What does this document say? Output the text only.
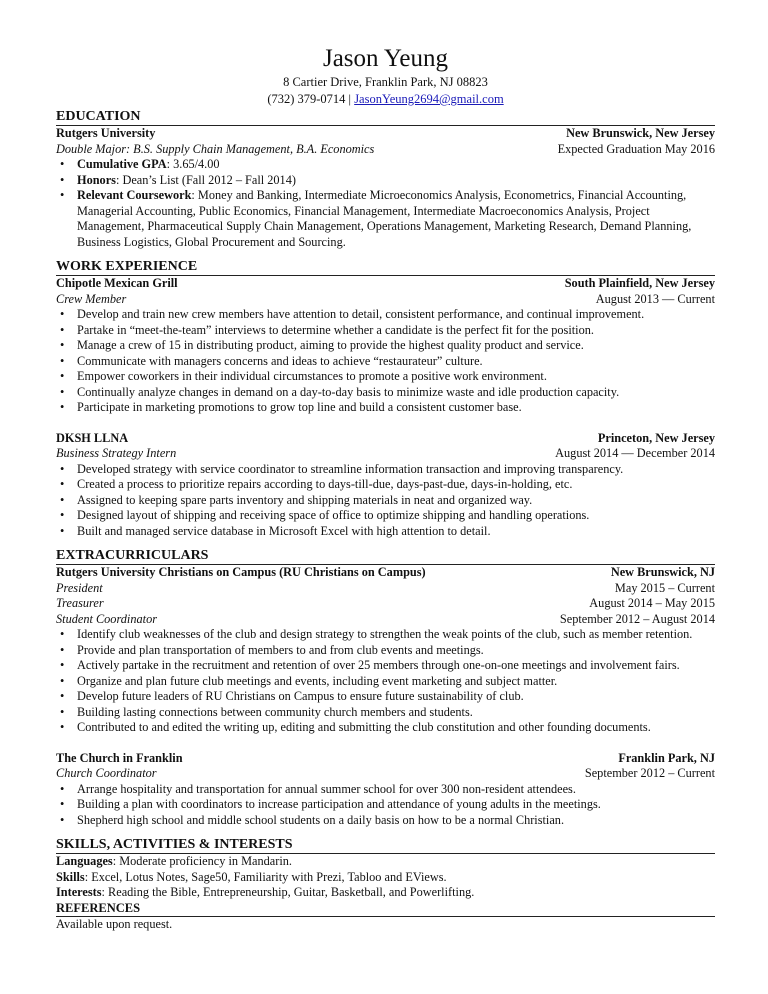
Jason Yeung
8 Cartier Drive, Franklin Park, NJ 08823
(732) 379-0714 | JasonYeung2694@gmail.com
EDUCATION
Rutgers University	New Brunswick, New Jersey
Double Major: B.S. Supply Chain Management, B.A. Economics	Expected Graduation May 2016
• Cumulative GPA: 3.65/4.00
• Honors: Dean’s List (Fall 2012 – Fall 2014)
• Relevant Coursework: Money and Banking, Intermediate Microeconomics Analysis, Econometrics, Financial Accounting, Managerial Accounting, Public Economics, Financial Management, Intermediate Macroeconomics Analysis, Project Management, Pharmaceutical Supply Chain Management, Operations Management, Marketing Research, Demand Planning, Business Logistics, Global Procurement and Sourcing.
WORK EXPERIENCE
Chipotle Mexican Grill	South Plainfield, New Jersey
Crew Member	August 2013 — Current
• Develop and train new crew members have attention to detail, consistent performance, and continual improvement.
• Partake in “meet-the-team” interviews to determine whether a candidate is the perfect fit for the position.
• Manage a crew of 15 in distributing product, aiming to provide the highest quality product and service.
• Communicate with managers concerns and ideas to achieve “restaurateur” culture.
• Empower coworkers in their individual circumstances to promote a positive work environment.
• Continually analyze changes in demand on a day-to-day basis to minimize waste and idle production capacity.
• Participate in marketing promotions to grow top line and build a consistent customer base.
DKSH LLNA	Princeton, New Jersey
Business Strategy Intern	August 2014 — December 2014
• Developed strategy with service coordinator to streamline information transaction and improving transparency.
• Created a process to prioritize repairs according to days-till-due, days-past-due, days-in-holding, etc.
• Assigned to keeping spare parts inventory and shipping materials in neat and organized way.
• Designed layout of shipping and receiving space of office to optimize shipping and handling operations.
• Built and managed service database in Microsoft Excel with high attention to detail.
EXTRACURRICULARS
Rutgers University Christians on Campus (RU Christians on Campus)	New Brunswick, NJ
President	May 2015 – Current
Treasurer	August 2014 – May 2015
Student Coordinator	September 2012 – August 2014
• Identify club weaknesses of the club and design strategy to strengthen the weak points of the club, such as member retention.
• Provide and plan transportation of members to and from club events and meetings.
• Actively partake in the recruitment and retention of over 25 members through one-on-one meetings and involvement fairs.
• Organize and plan future club meetings and events, including event marketing and subject matter.
• Develop future leaders of RU Christians on Campus to ensure future sustainability of club.
• Building lasting connections between community church members and students.
• Contributed to and edited the writing up, editing and submitting the club constitution and other founding documents.
The Church in Franklin	Franklin Park, NJ
Church Coordinator	September 2012 – Current
• Arrange hospitality and transportation for annual summer school for over 300 non-resident attendees.
• Building a plan with coordinators to increase participation and attendance of young adults in the meetings.
• Shepherd high school and middle school students on a daily basis on how to be a normal Christian.
SKILLS, ACTIVITIES & INTERESTS
Languages: Moderate proficiency in Mandarin.
Skills: Excel, Lotus Notes, Sage50, Familiarity with Prezi, Tabloo and EViews.
Interests: Reading the Bible, Entrepreneurship, Guitar, Basketball, and Powerlifting.
REFERENCES
Available upon request.
